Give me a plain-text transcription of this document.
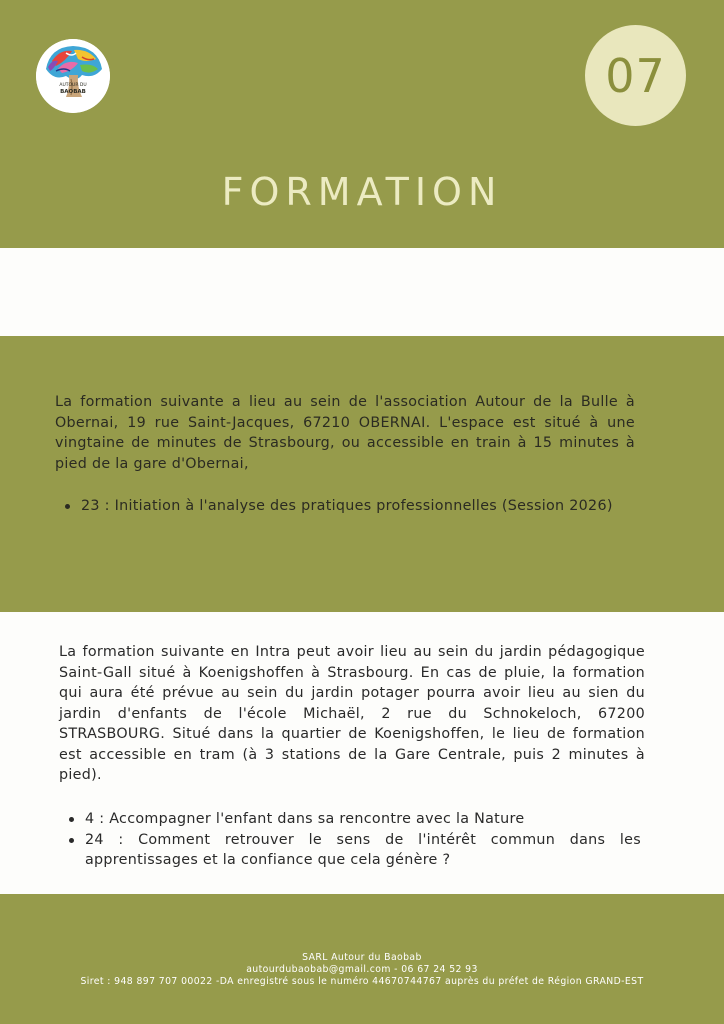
AUTOUR DU
BAOBAB	07
FORMATION
La formation suivante a lieu au sein de l'association Autour de la Bulle à Obernai, 19 rue Saint-Jacques, 67210 OBERNAI. L'espace est situé à une vingtaine de minutes de Strasbourg, ou accessible en train à 15 minutes à pied de la gare d'Obernai,
23 : Initiation à l'analyse des pratiques professionnelles (Session 2026)
La formation suivante en Intra peut avoir lieu au sein du jardin pédagogique Saint-Gall situé à Koenigshoffen à Strasbourg. En cas de pluie, la formation qui aura été prévue au sein du jardin potager pourra avoir lieu au sien du jardin d'enfants de l'école Michaël, 2 rue du Schnokeloch, 67200 STRASBOURG. Situé dans la quartier de Koenigshoffen, le lieu de formation est accessible en tram (à 3 stations de la Gare Centrale, puis 2 minutes à pied).
4 : Accompagner l'enfant dans sa rencontre avec la Nature
24 : Comment retrouver le sens de l'intérêt commun dans les apprentissages et la confiance que cela génère ?
SARL Autour du Baobab
autourdubaobab@gmail.com - 06 67 24 52 93
Siret : 948 897 707 00022 -DA enregistré sous le numéro 44670744767 auprès du préfet de Région GRAND-EST
